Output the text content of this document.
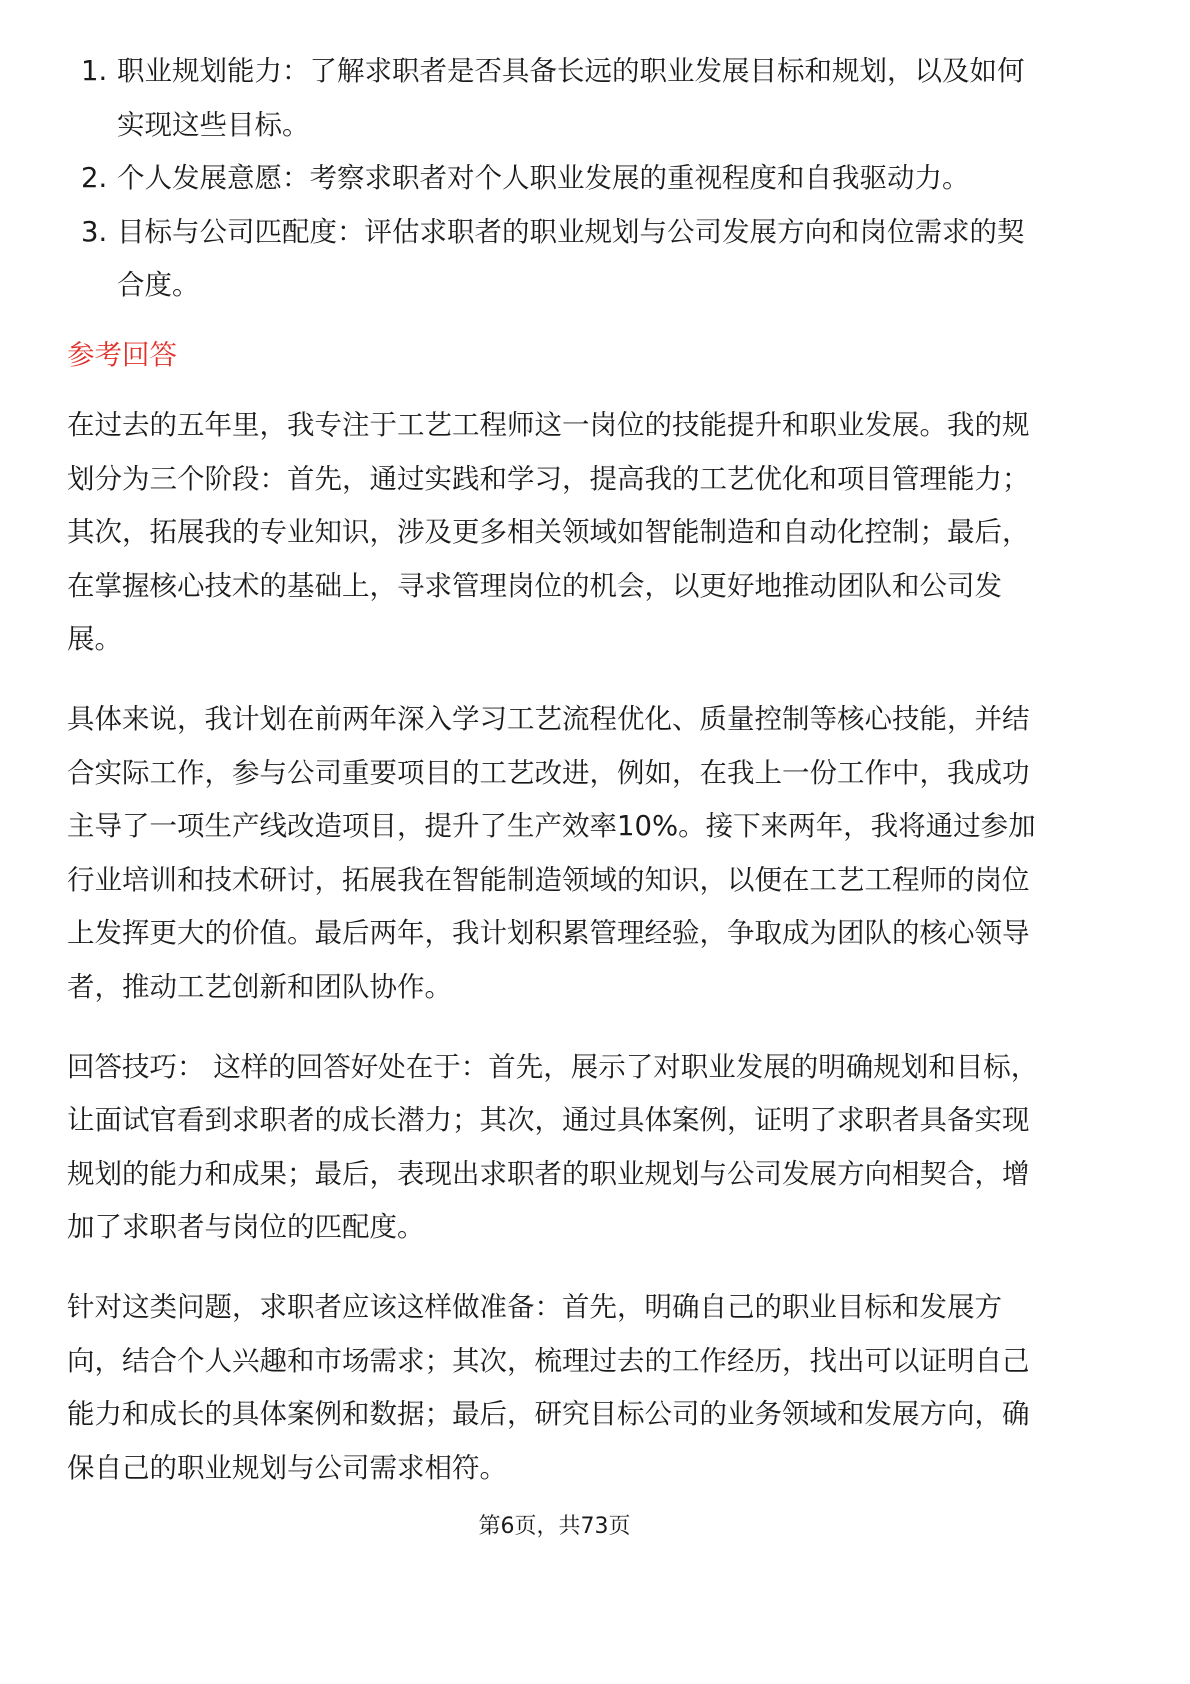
1. 职业规划能力：了解求职者是否具备长远的职业发展目标和规划，以及如何实现这些目标。
2. 个人发展意愿：考察求职者对个人职业发展的重视程度和自我驱动力。
3. 目标与公司匹配度：评估求职者的职业规划与公司发展方向和岗位需求的契合度。
参考回答

在过去的五年里，我专注于工艺工程师这一岗位的技能提升和职业发展。我的规划分为三个阶段：首先，通过实践和学习，提高我的工艺优化和项目管理能力；其次，拓展我的专业知识，涉及更多相关领域如智能制造和自动化控制；最后，在掌握核心技术的基础上，寻求管理岗位的机会，以更好地推动团队和公司发展。

具体来说，我计划在前两年深入学习工艺流程优化、质量控制等核心技能，并结合实际工作，参与公司重要项目的工艺改进，例如，在我上一份工作中，我成功主导了一项生产线改造项目，提升了生产效率10%。接下来两年，我将通过参加行业培训和技术研讨，拓展我在智能制造领域的知识，以便在工艺工程师的岗位上发挥更大的价值。最后两年，我计划积累管理经验，争取成为团队的核心领导者，推动工艺创新和团队协作。

回答技巧： 这样的回答好处在于：首先，展示了对职业发展的明确规划和目标，让面试官看到求职者的成长潜力；其次，通过具体案例，证明了求职者具备实现规划的能力和成果；最后，表现出求职者的职业规划与公司发展方向相契合，增加了求职者与岗位的匹配度。

针对这类问题，求职者应该这样做准备：首先，明确自己的职业目标和发展方向，结合个人兴趣和市场需求；其次，梳理过去的工作经历，找出可以证明自己能力和成长的具体案例和数据；最后，研究目标公司的业务领域和发展方向，确保自己的职业规划与公司需求相符。

第6页，共73页
